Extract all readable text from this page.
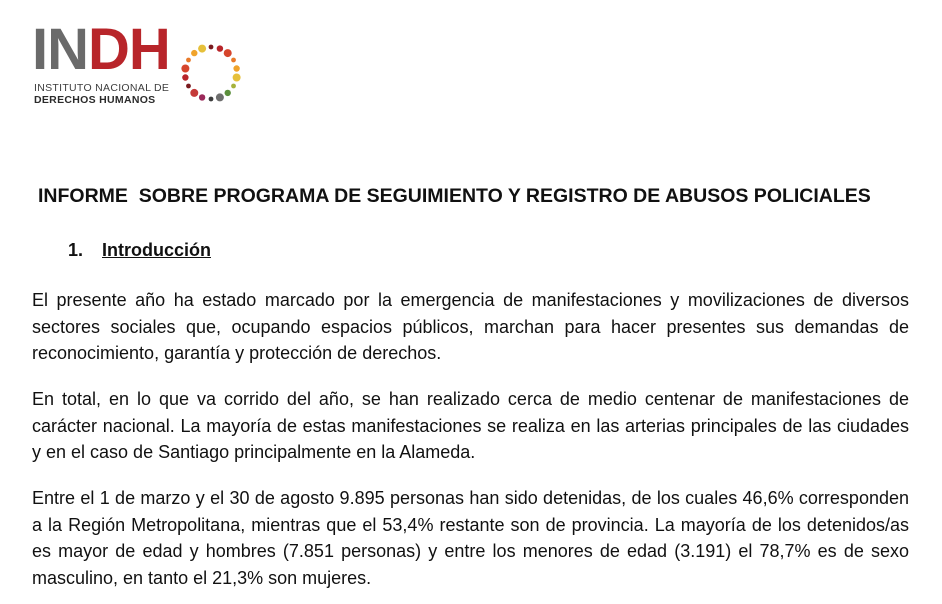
INDH
INSTITUTO NACIONAL DE
DERECHOS HUMANOS
INFORME  SOBRE PROGRAMA DE SEGUIMIENTO Y REGISTRO DE ABUSOS POLICIALES
1. Introducción

El presente año ha estado marcado por la emergencia de manifestaciones y movilizaciones de diversos sectores sociales que, ocupando espacios públicos, marchan para hacer presentes sus demandas de reconocimiento, garantía y protección de derechos.

En total, en lo que va corrido del año, se han realizado cerca de medio centenar de manifestaciones de carácter nacional. La mayoría de estas manifestaciones se realiza en las arterias principales de las ciudades y en el caso de Santiago principalmente en la Alameda.

Entre el 1 de marzo y el 30 de agosto 9.895 personas han sido detenidas, de los cuales 46,6% corresponden a la Región Metropolitana, mientras que el 53,4% restante son de provincia. La mayoría de los detenidos/as es mayor de edad y hombres (7.851 personas) y entre los menores de edad (3.191) el 78,7% es de sexo masculino, en tanto el 21,3% son mujeres.
